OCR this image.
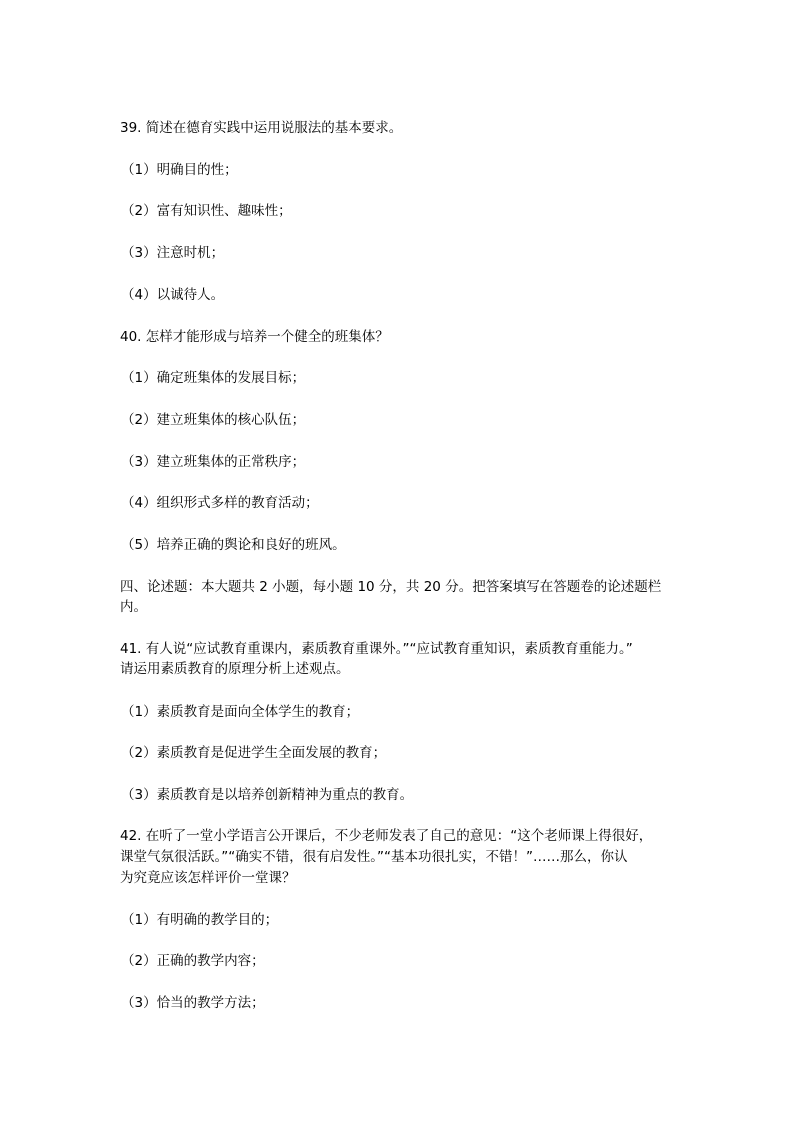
39. 简述在德育实践中运用说服法的基本要求。
（1）明确目的性；
（2）富有知识性、趣味性；
（3）注意时机；
（4）以诚待人。
40. 怎样才能形成与培养一个健全的班集体？
（1）确定班集体的发展目标；
（2）建立班集体的核心队伍；
（3）建立班集体的正常秩序；
（4）组织形式多样的教育活动；
（5）培养正确的舆论和良好的班风。
四、论述题：本大题共 2 小题，每小题 10 分，共 20 分。把答案填写在答题卷的论述题栏
内。
41. 有人说“应试教育重课内，素质教育重课外。”“应试教育重知识，素质教育重能力。”
请运用素质教育的原理分析上述观点。
（1）素质教育是面向全体学生的教育；
（2）素质教育是促进学生全面发展的教育；
（3）素质教育是以培养创新精神为重点的教育。
42. 在听了一堂小学语言公开课后，不少老师发表了自己的意见：“这个老师课上得很好，
课堂气氛很活跃。”“确实不错，很有启发性。”“基本功很扎实，不错！”……那么，你认
为究竟应该怎样评价一堂课？
（1）有明确的教学目的；
（2）正确的教学内容；
（3）恰当的教学方法；
